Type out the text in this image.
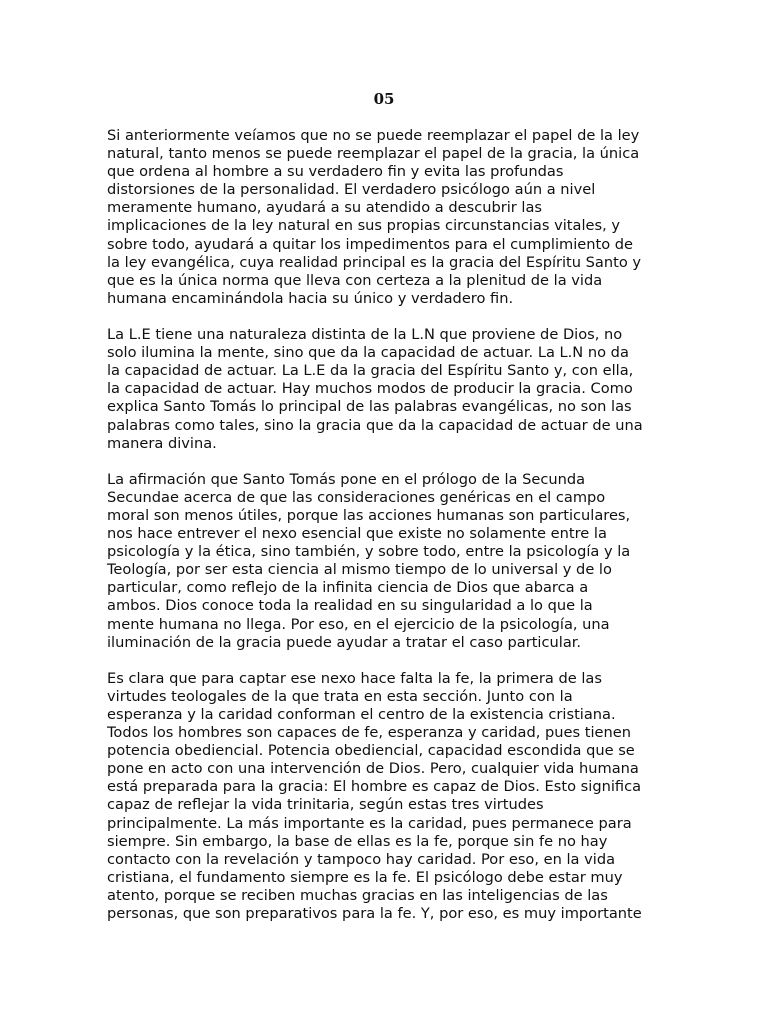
05

Si anteriormente veíamos que no se puede reemplazar el papel de la ley
natural, tanto menos se puede reemplazar el papel de la gracia, la única
que ordena al hombre a su verdadero fin y evita las profundas
distorsiones de la personalidad. El verdadero psicólogo aún a nivel
meramente humano, ayudará a su atendido a descubrir las
implicaciones de la ley natural en sus propias circunstancias vitales, y
sobre todo, ayudará a quitar los impedimentos para el cumplimiento de
la ley evangélica, cuya realidad principal es la gracia del Espíritu Santo y
que es la única norma que lleva con certeza a la plenitud de la vida
humana encaminándola hacia su único y verdadero fin.

La L.E tiene una naturaleza distinta de la L.N que proviene de Dios, no
solo ilumina la mente, sino que da la capacidad de actuar. La L.N no da
la capacidad de actuar. La L.E da la gracia del Espíritu Santo y, con ella,
la capacidad de actuar. Hay muchos modos de producir la gracia. Como
explica Santo Tomás lo principal de las palabras evangélicas, no son las
palabras como tales, sino la gracia que da la capacidad de actuar de una
manera divina.

La afirmación que Santo Tomás pone en el prólogo de la Secunda
Secundae acerca de que las consideraciones genéricas en el campo
moral son menos útiles, porque las acciones humanas son particulares,
nos hace entrever el nexo esencial que existe no solamente entre la
psicología y la ética, sino también, y sobre todo, entre la psicología y la
Teología, por ser esta ciencia al mismo tiempo de lo universal y de lo
particular, como reflejo de la infinita ciencia de Dios que abarca a
ambos. Dios conoce toda la realidad en su singularidad a lo que la
mente humana no llega. Por eso, en el ejercicio de la psicología, una
iluminación de la gracia puede ayudar a tratar el caso particular.

Es clara que para captar ese nexo hace falta la fe, la primera de las
virtudes teologales de la que trata en esta sección. Junto con la
esperanza y la caridad conforman el centro de la existencia cristiana.
Todos los hombres son capaces de fe, esperanza y caridad, pues tienen
potencia obediencial. Potencia obediencial, capacidad escondida que se
pone en acto con una intervención de Dios. Pero, cualquier vida humana
está preparada para la gracia: El hombre es capaz de Dios. Esto significa
capaz de reflejar la vida trinitaria, según estas tres virtudes
principalmente. La más importante es la caridad, pues permanece para
siempre. Sin embargo, la base de ellas es la fe, porque sin fe no hay
contacto con la revelación y tampoco hay caridad. Por eso, en la vida
cristiana, el fundamento siempre es la fe. El psicólogo debe estar muy
atento, porque se reciben muchas gracias en las inteligencias de las
personas, que son preparativos para la fe. Y, por eso, es muy importante
